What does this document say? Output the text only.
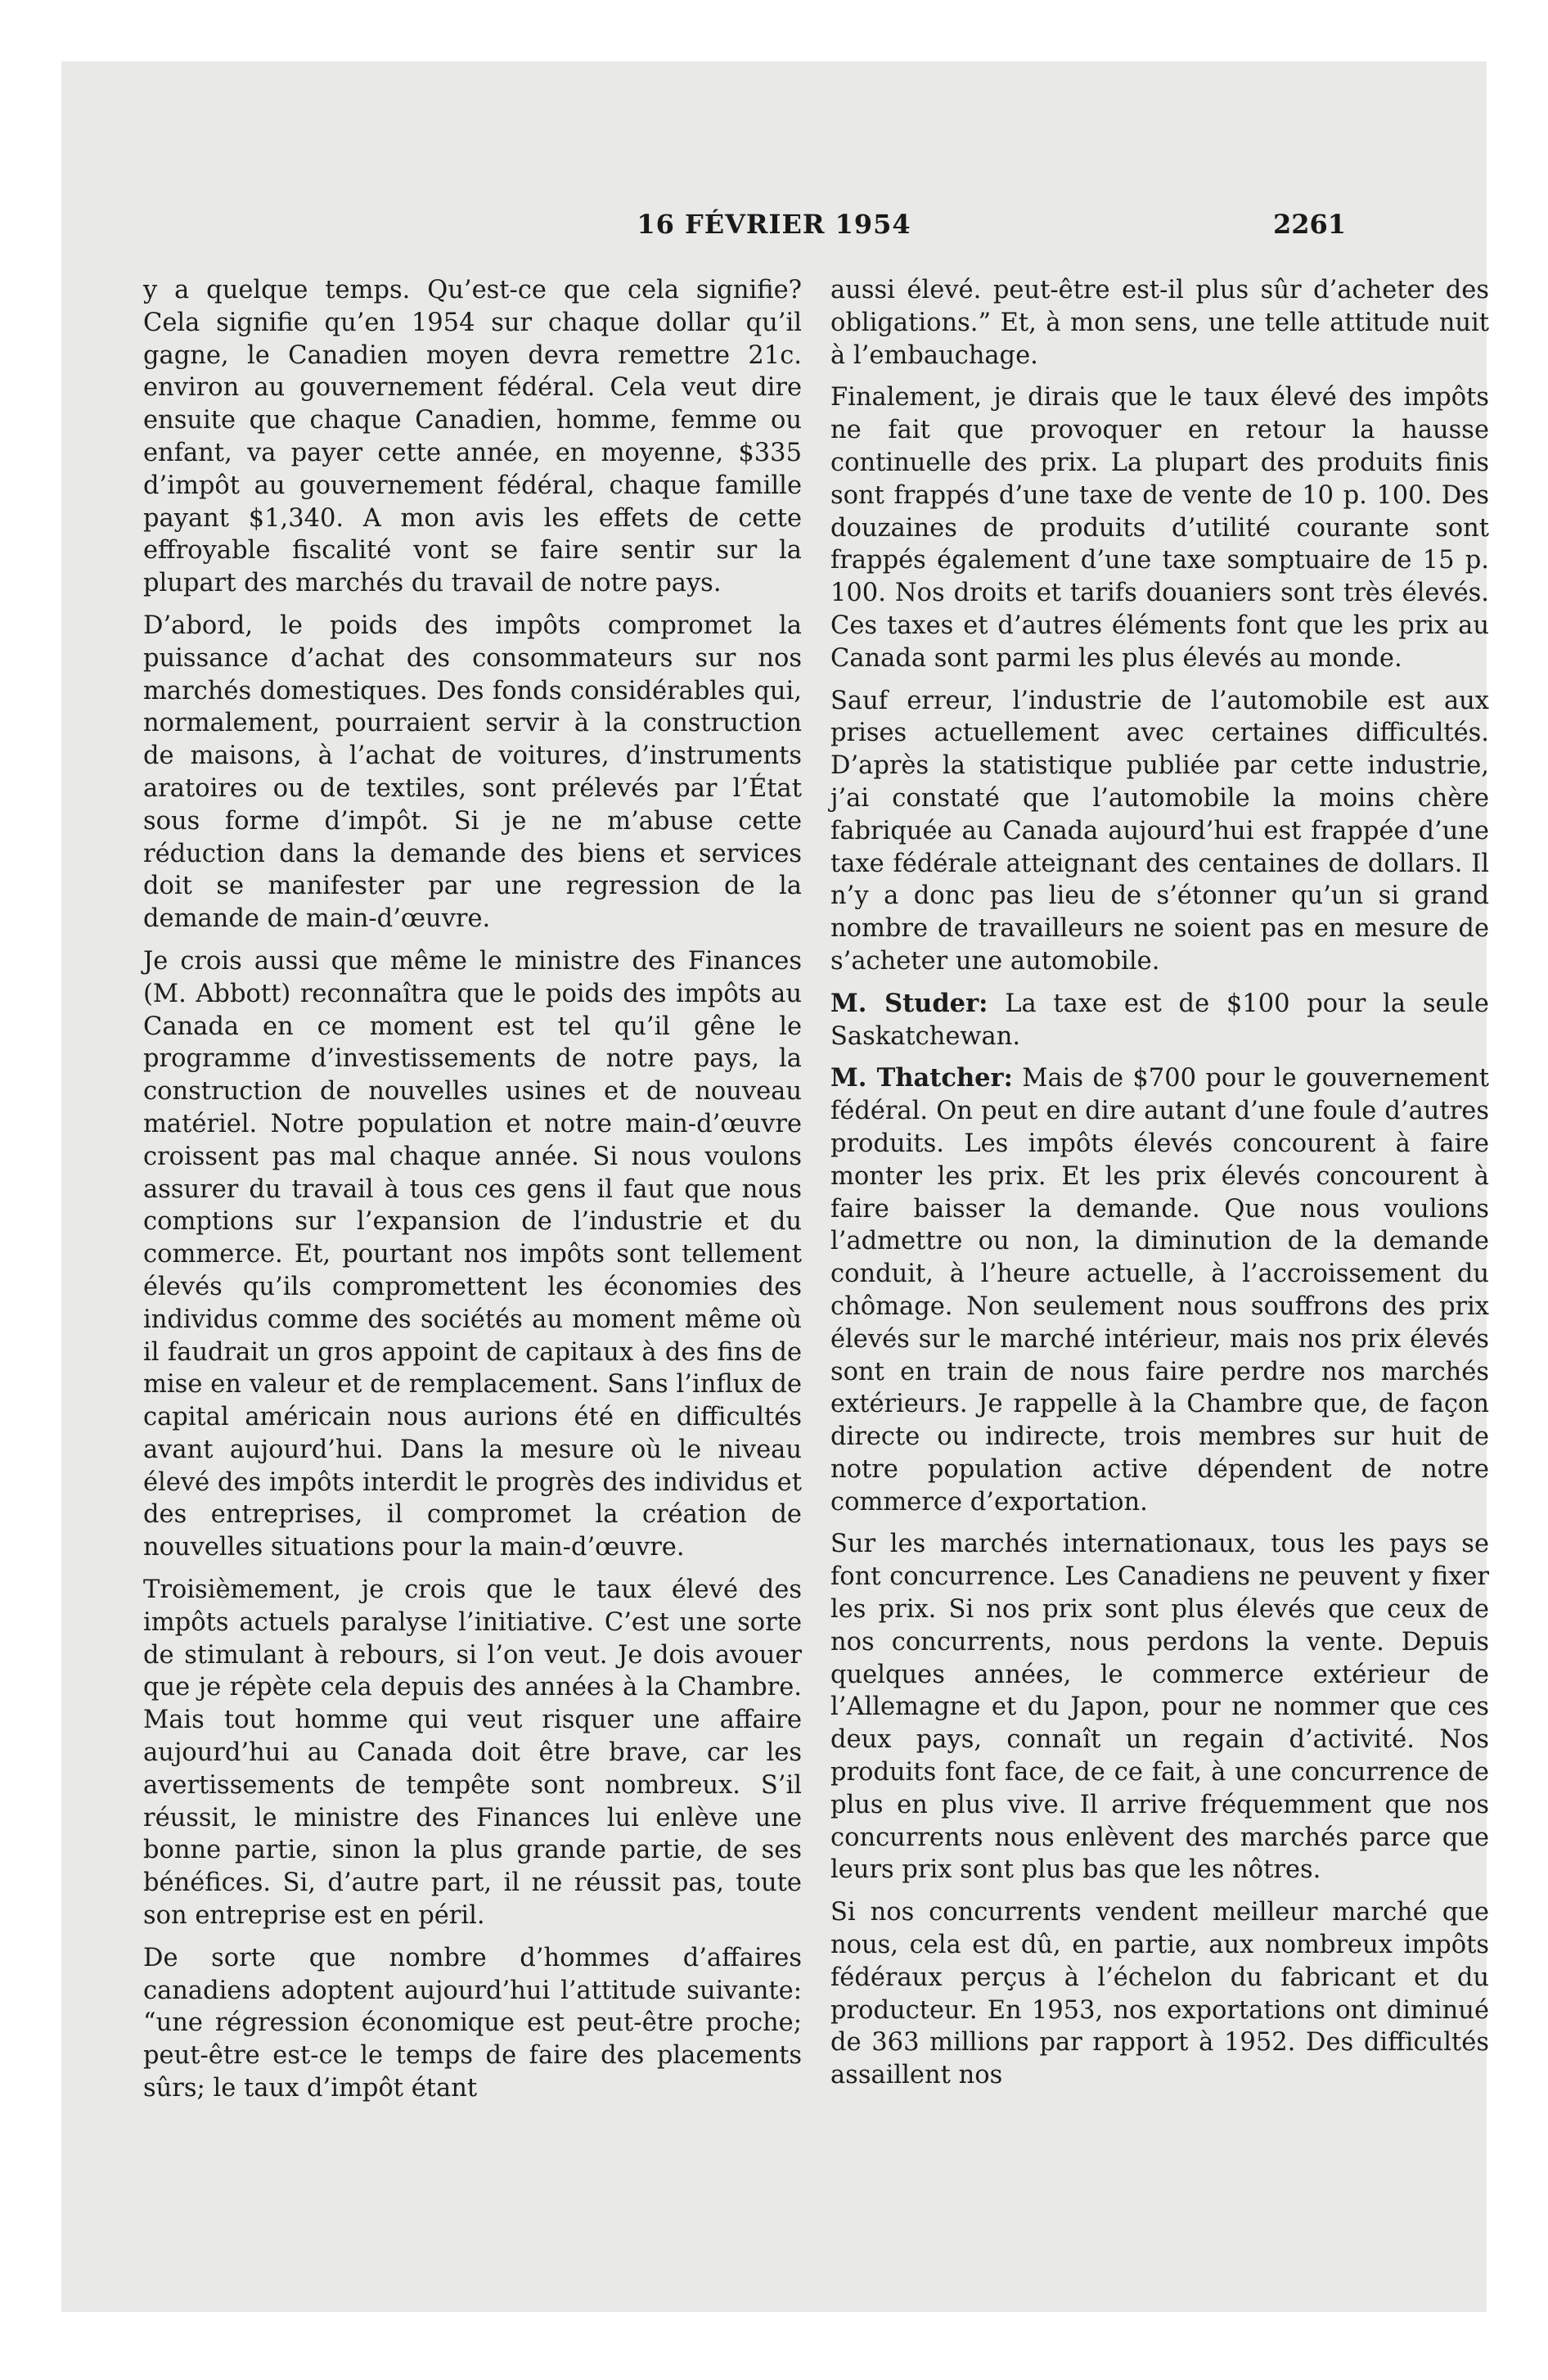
16 FÉVRIER 1954	2261

y a quelque temps. Qu’est-ce que cela signifie? Cela signifie qu’en 1954 sur chaque dollar qu’il gagne, le Canadien moyen devra remettre 21c. environ au gouvernement fédéral. Cela veut dire ensuite que chaque Canadien, homme, femme ou enfant, va payer cette année, en moyenne, $335 d’impôt au gouvernement fédéral, chaque famille payant $1,340. A mon avis les effets de cette effroyable fiscalité vont se faire sentir sur la plupart des marchés du travail de notre pays.

D’abord, le poids des impôts compromet la puissance d’achat des consommateurs sur nos marchés domestiques. Des fonds considérables qui, normalement, pourraient servir à la construction de maisons, à l’achat de voitures, d’instruments aratoires ou de textiles, sont prélevés par l’État sous forme d’impôt. Si je ne m’abuse cette réduction dans la demande des biens et services doit se manifester par une regression de la demande de main-d’œuvre.

Je crois aussi que même le ministre des Finances (M. Abbott) reconnaîtra que le poids des impôts au Canada en ce moment est tel qu’il gêne le programme d’investissements de notre pays, la construction de nouvelles usines et de nouveau matériel. Notre population et notre main-d’œuvre croissent pas mal chaque année. Si nous voulons assurer du travail à tous ces gens il faut que nous comptions sur l’expansion de l’industrie et du commerce. Et, pourtant nos impôts sont tellement élevés qu’ils compromettent les économies des individus comme des sociétés au moment même où il faudrait un gros appoint de capitaux à des fins de mise en valeur et de remplacement. Sans l’influx de capital américain nous aurions été en difficultés avant aujourd’hui. Dans la mesure où le niveau élevé des impôts interdit le progrès des individus et des entreprises, il compromet la création de nouvelles situations pour la main-d’œuvre.

Troisièmement, je crois que le taux élevé des impôts actuels paralyse l’initiative. C’est une sorte de stimulant à rebours, si l’on veut. Je dois avouer que je répète cela depuis des années à la Chambre. Mais tout homme qui veut risquer une affaire aujourd’hui au Canada doit être brave, car les avertissements de tempête sont nombreux. S’il réussit, le ministre des Finances lui enlève une bonne partie, sinon la plus grande partie, de ses bénéfices. Si, d’autre part, il ne réussit pas, toute son entreprise est en péril.

De sorte que nombre d’hommes d’affaires canadiens adoptent aujourd’hui l’attitude suivante: “une régression économique est peut-être proche; peut-être est-ce le temps de faire des placements sûrs; le taux d’impôt étant

aussi élevé. peut-être est-il plus sûr d’acheter des obligations.” Et, à mon sens, une telle attitude nuit à l’embauchage.

Finalement, je dirais que le taux élevé des impôts ne fait que provoquer en retour la hausse continuelle des prix. La plupart des produits finis sont frappés d’une taxe de vente de 10 p. 100. Des douzaines de produits d’utilité courante sont frappés également d’une taxe somptuaire de 15 p. 100. Nos droits et tarifs douaniers sont très élevés. Ces taxes et d’autres éléments font que les prix au Canada sont parmi les plus élevés au monde.

Sauf erreur, l’industrie de l’automobile est aux prises actuellement avec certaines difficultés. D’après la statistique publiée par cette industrie, j’ai constaté que l’automobile la moins chère fabriquée au Canada aujourd’hui est frappée d’une taxe fédérale atteignant des centaines de dollars. Il n’y a donc pas lieu de s’étonner qu’un si grand nombre de travailleurs ne soient pas en mesure de s’acheter une automobile.

M. Studer: La taxe est de $100 pour la seule Saskatchewan.

M. Thatcher: Mais de $700 pour le gouvernement fédéral. On peut en dire autant d’une foule d’autres produits. Les impôts élevés concourent à faire monter les prix. Et les prix élevés concourent à faire baisser la demande. Que nous voulions l’admettre ou non, la diminution de la demande conduit, à l’heure actuelle, à l’accroissement du chômage. Non seulement nous souffrons des prix élevés sur le marché intérieur, mais nos prix élevés sont en train de nous faire perdre nos marchés extérieurs. Je rappelle à la Chambre que, de façon directe ou indirecte, trois membres sur huit de notre population active dépendent de notre commerce d’exportation.

Sur les marchés internationaux, tous les pays se font concurrence. Les Canadiens ne peuvent y fixer les prix. Si nos prix sont plus élevés que ceux de nos concurrents, nous perdons la vente. Depuis quelques années, le commerce extérieur de l’Allemagne et du Japon, pour ne nommer que ces deux pays, connaît un regain d’activité. Nos produits font face, de ce fait, à une concurrence de plus en plus vive. Il arrive fréquemment que nos concurrents nous enlèvent des marchés parce que leurs prix sont plus bas que les nôtres.

Si nos concurrents vendent meilleur marché que nous, cela est dû, en partie, aux nombreux impôts fédéraux perçus à l’échelon du fabricant et du producteur. En 1953, nos exportations ont diminué de 363 millions par rapport à 1952. Des difficultés assaillent nos
